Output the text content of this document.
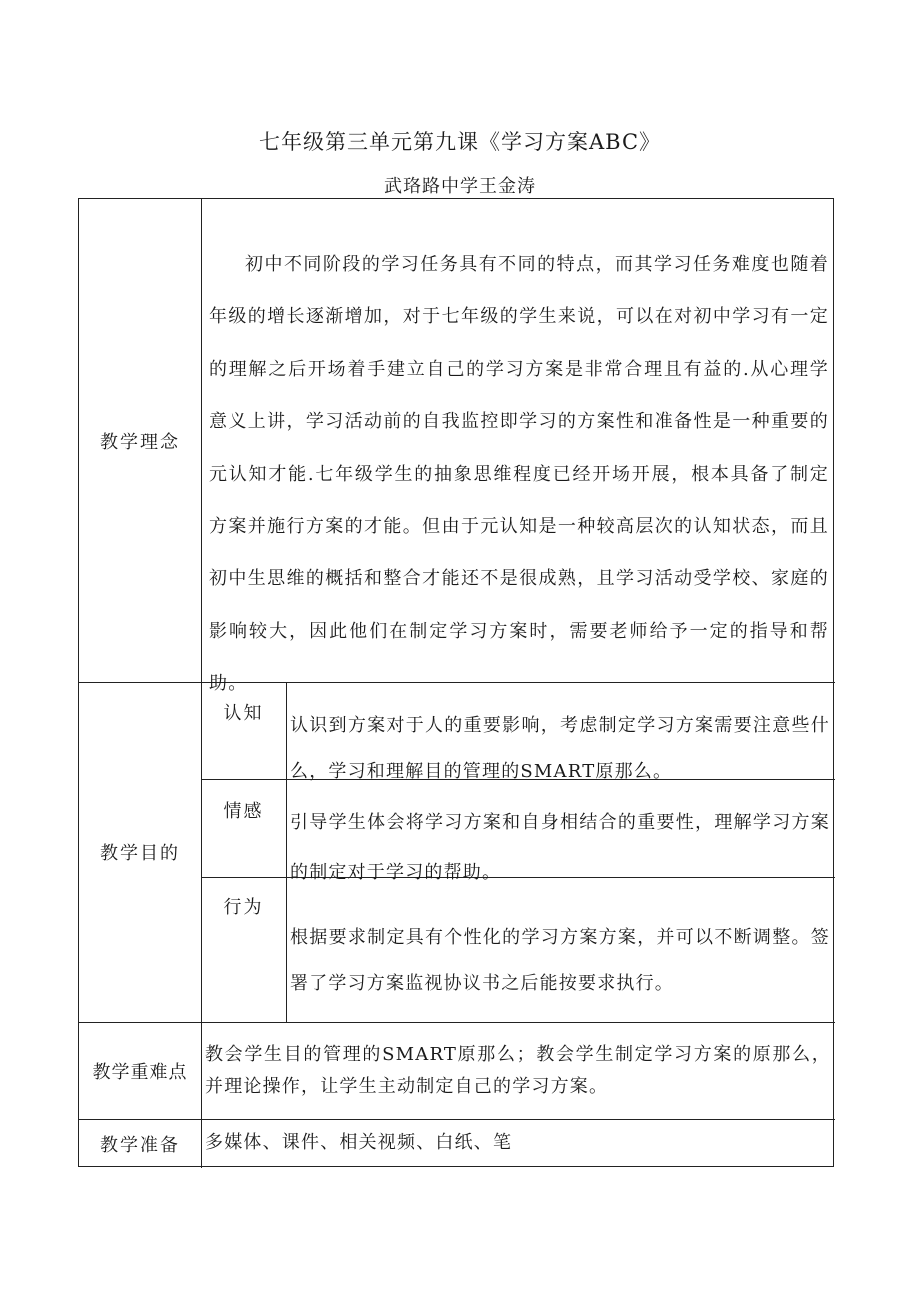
七年级第三单元第九课《学习方案ABC》
武珞路中学王金涛
教学理念

初中不同阶段的学习任务具有不同的特点，而其学习任务难度也随着年级的增长逐渐增加，对于七年级的学生来说，可以在对初中学习有一定的理解之后开场着手建立自己的学习方案是非常合理且有益的.从心理学意义上讲，学习活动前的自我监控即学习的方案性和准备性是一种重要的元认知才能.七年级学生的抽象思维程度已经开场开展，根本具备了制定方案并施行方案的才能。但由于元认知是一种较高层次的认知状态，而且初中生思维的概括和整合才能还不是很成熟，且学习活动受学校、家庭的影响较大，因此他们在制定学习方案时，需要老师给予一定的指导和帮助。

教学目的
认知

认识到方案对于人的重要影响，考虑制定学习方案需要注意些什么，学习和理解目的管理的SMART原那么。

情感

引导学生体会将学习方案和自身相结合的重要性，理解学习方案的制定对于学习的帮助。

行为

根据要求制定具有个性化的学习方案方案，并可以不断调整。签署了学习方案监视协议书之后能按要求执行。

教学重难点

教会学生目的管理的SMART原那么；教会学生制定学习方案的原那么，并理论操作，让学生主动制定自己的学习方案。

教学准备	多媒体、课件、相关视频、白纸、笔
